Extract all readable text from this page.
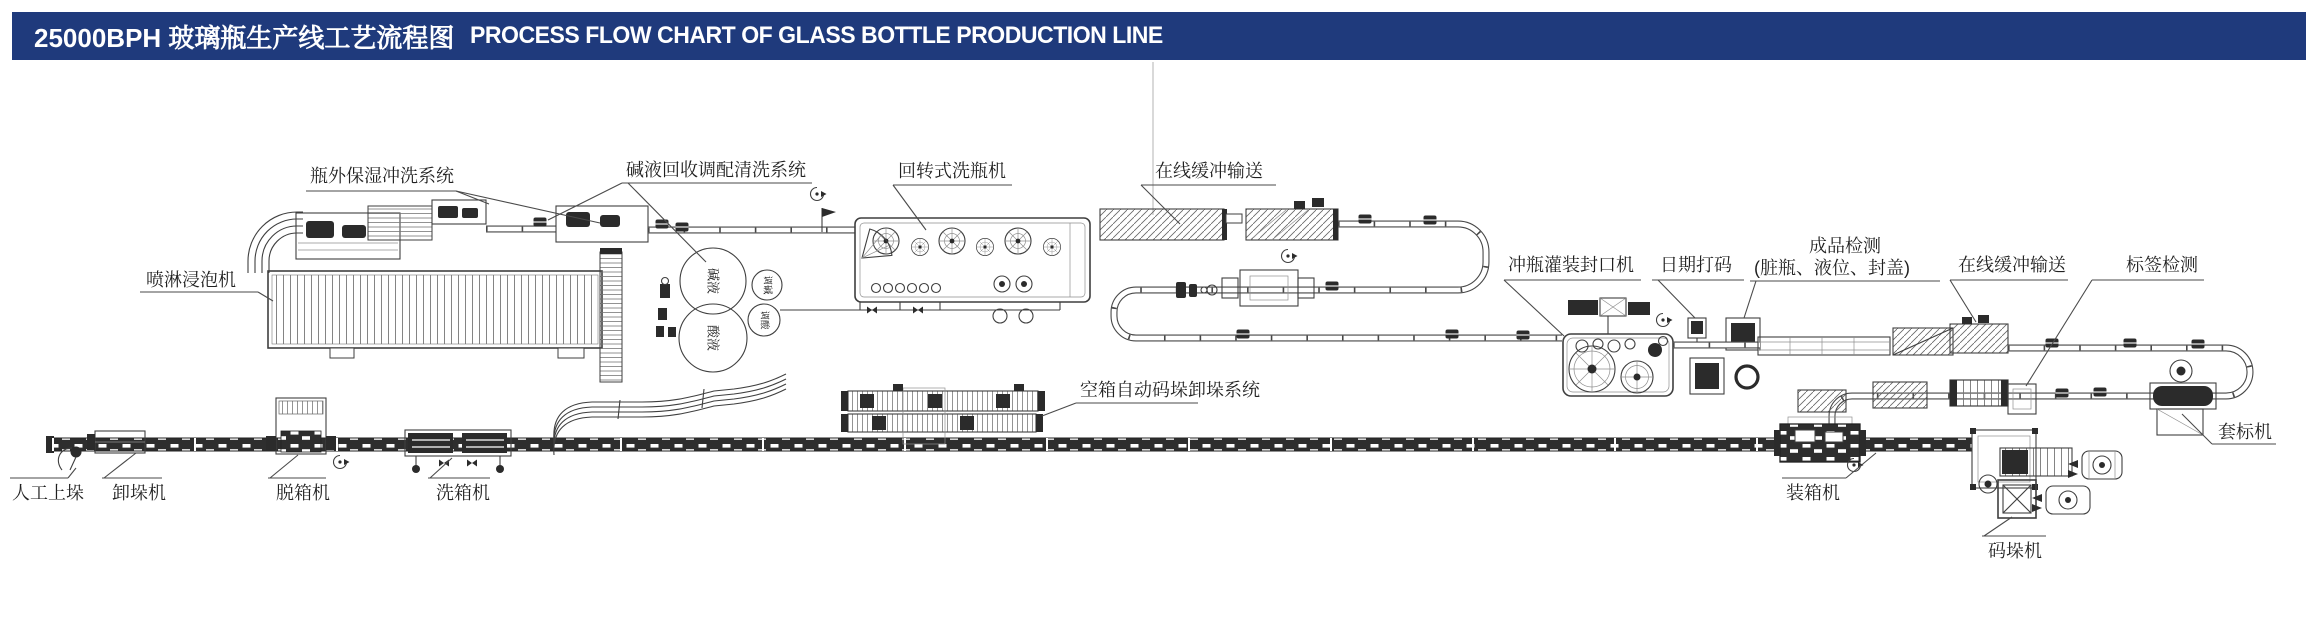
25000BPH 玻璃瓶生产线工艺流程图 PROCESS FLOW CHART OF GLASS BOTTLE PRODUCTION LINE
碱液
酸液
调碱
调酸
喷淋浸泡机
瓶外保湿冲洗系统	碱液回收调配清洗系统	回转式洗瓶机	在线缓冲输送
冲瓶灌装封口机 日期打码
成品检测
(脏瓶、液位、封盖)	在线缓冲输送	标签检测
套标机
空箱自动码垛卸垛系统
人工上垛 卸垛机	脱箱机	洗箱机	装箱机
码垛机
